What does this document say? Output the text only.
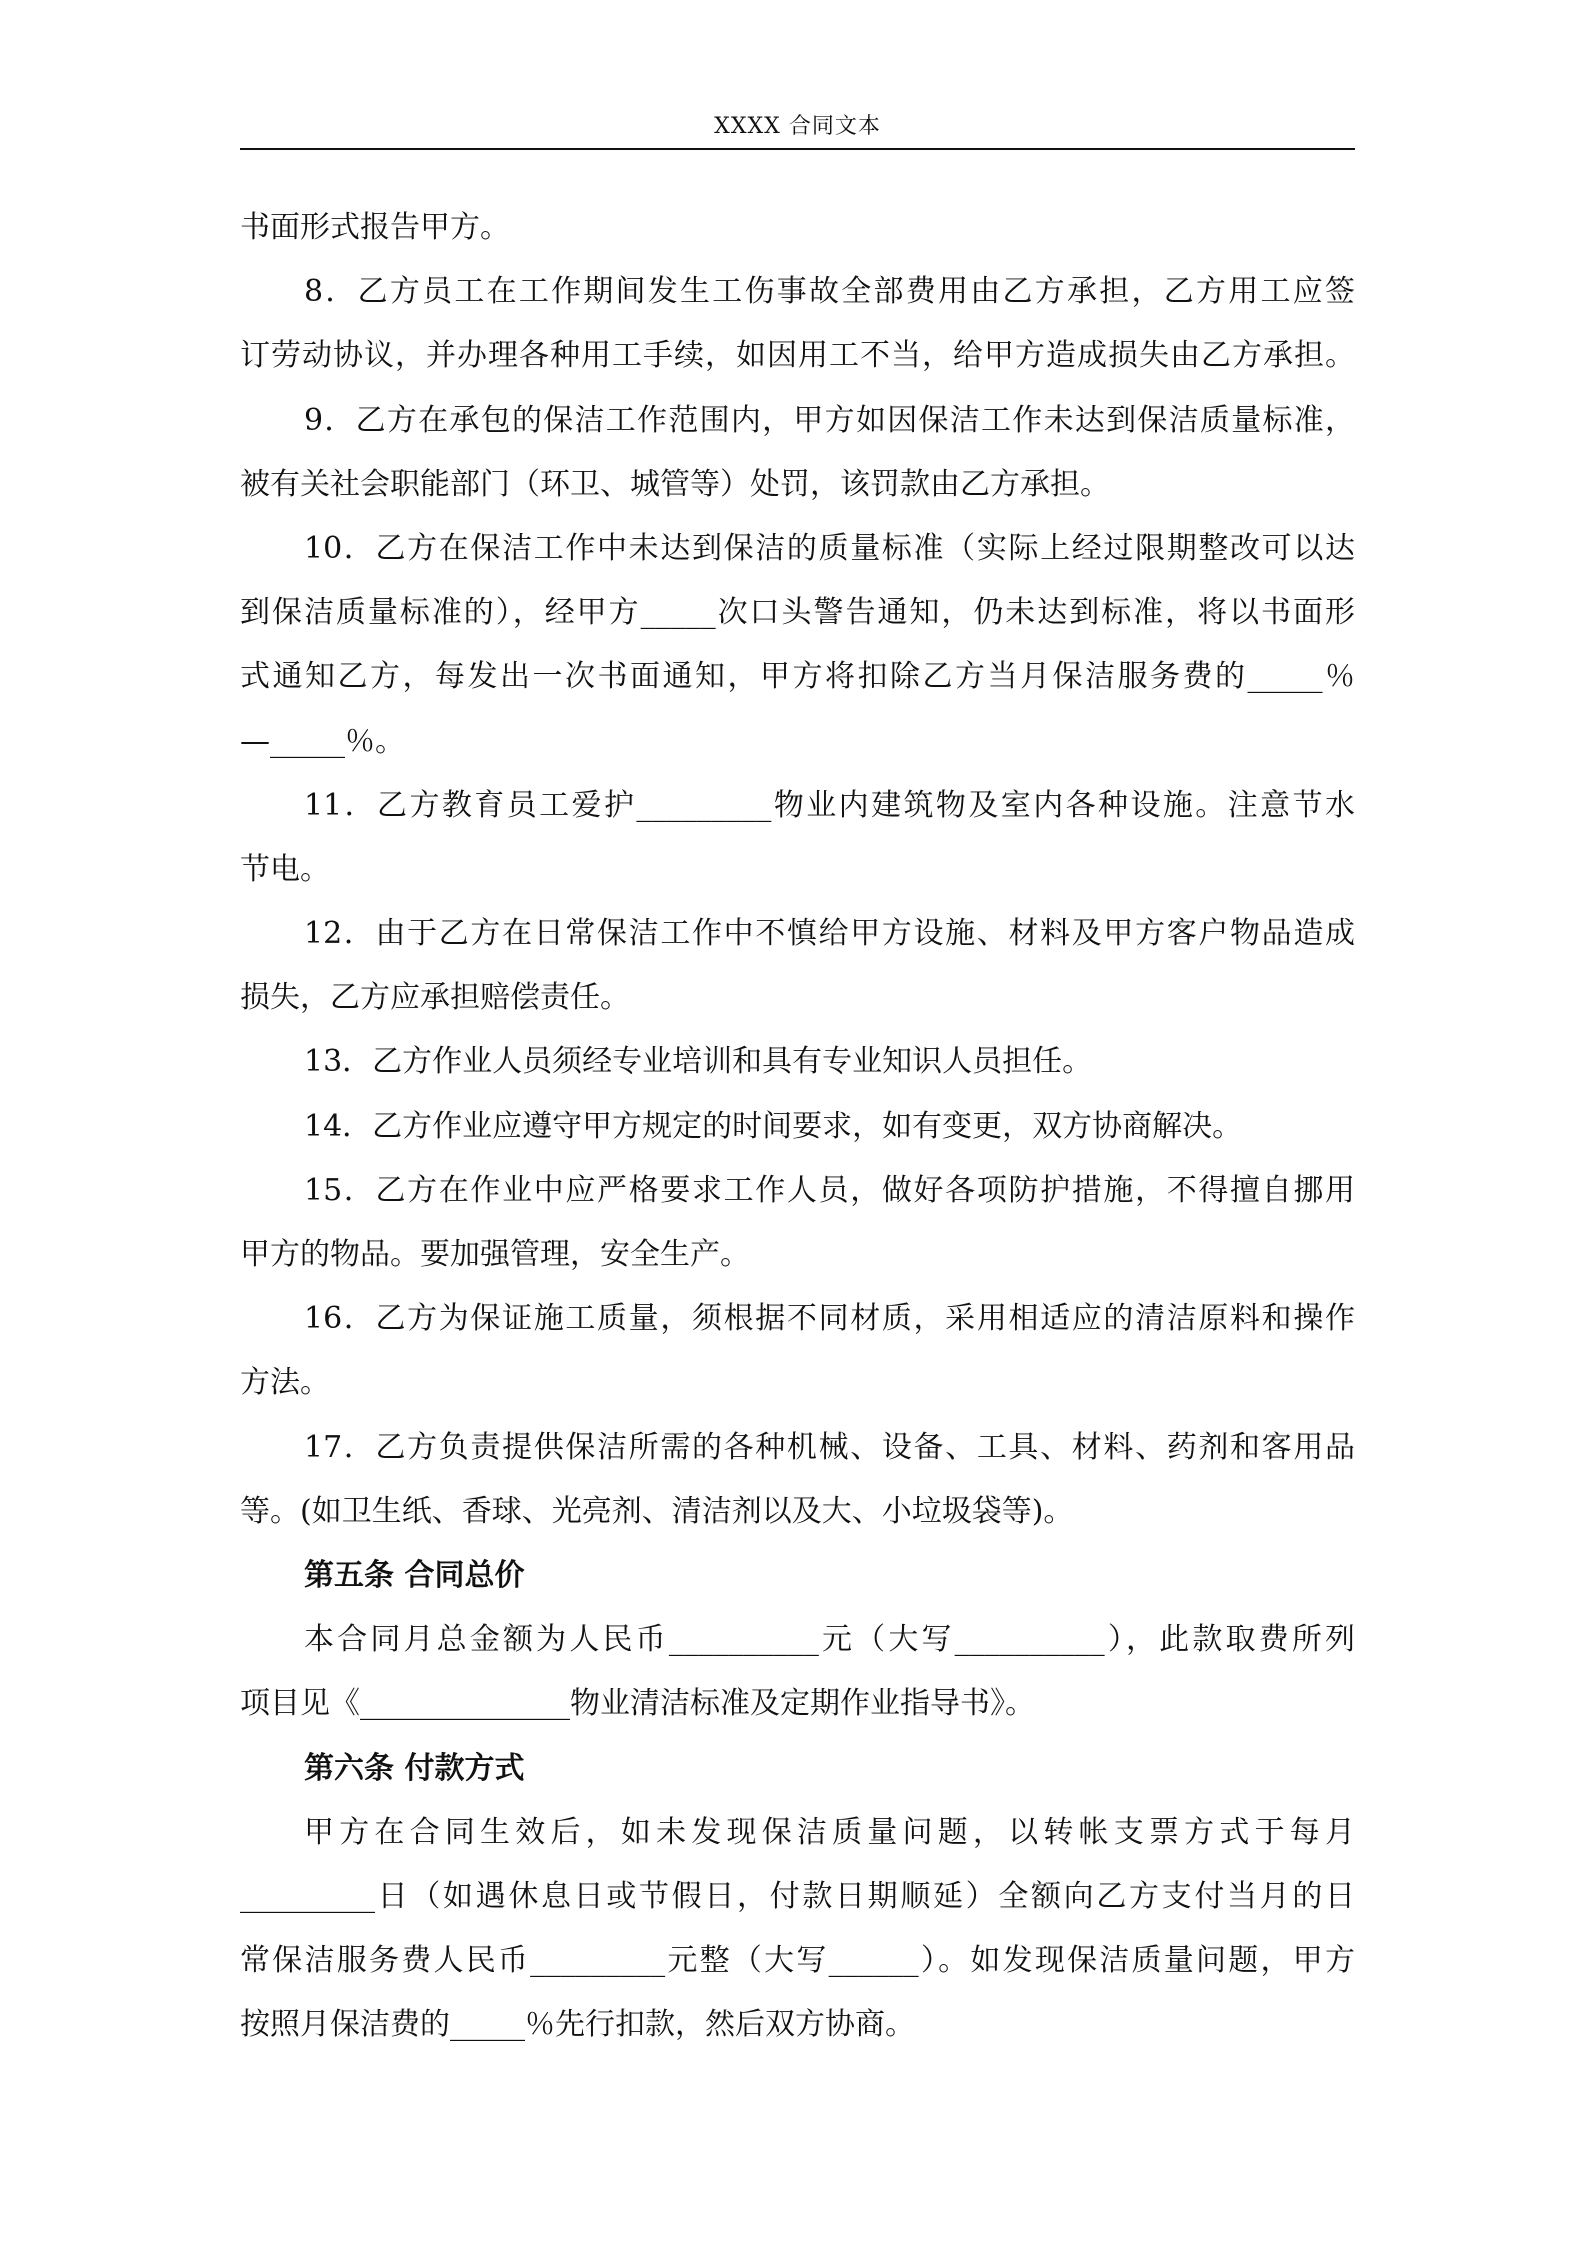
XXXX 合同文本
书面形式报告甲方。
8．乙方员工在工作期间发生工伤事故全部费用由乙方承担，乙方用工应签
订劳动协议，并办理各种用工手续，如因用工不当，给甲方造成损失由乙方承担。
9．乙方在承包的保洁工作范围内，甲方如因保洁工作未达到保洁质量标准，
被有关社会职能部门（环卫、城管等）处罚，该罚款由乙方承担。
10．乙方在保洁工作中未达到保洁的质量标准（实际上经过限期整改可以达
到保洁质量标准的），经甲方_____次口头警告通知，仍未达到标准，将以书面形
式通知乙方，每发出一次书面通知，甲方将扣除乙方当月保洁服务费的_____％
—_____％。
11．乙方教育员工爱护_________物业内建筑物及室内各种设施。注意节水
节电。
12．由于乙方在日常保洁工作中不慎给甲方设施、材料及甲方客户物品造成
损失，乙方应承担赔偿责任。
13．乙方作业人员须经专业培训和具有专业知识人员担任。
14．乙方作业应遵守甲方规定的时间要求，如有变更，双方协商解决。
15．乙方在作业中应严格要求工作人员，做好各项防护措施，不得擅自挪用
甲方的物品。要加强管理，安全生产。
16．乙方为保证施工质量，须根据不同材质，采用相适应的清洁原料和操作
方法。
17．乙方负责提供保洁所需的各种机械、设备、工具、材料、药剂和客用品
等。(如卫生纸、香球、光亮剂、清洁剂以及大、小垃圾袋等)。
第五条 合同总价
本合同月总金额为人民币__________元（大写__________），此款取费所列
项目见《______________物业清洁标准及定期作业指导书》。
第六条 付款方式
甲方在合同生效后，如未发现保洁质量问题，以转帐支票方式于每月
_________日（如遇休息日或节假日，付款日期顺延）全额向乙方支付当月的日
常保洁服务费人民币_________元整（大写______）。如发现保洁质量问题，甲方
按照月保洁费的_____％先行扣款，然后双方协商。
